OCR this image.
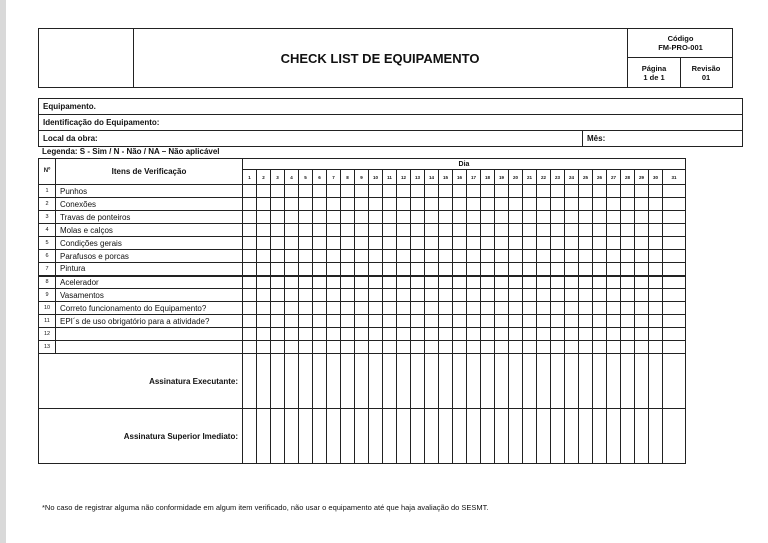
CHECK LIST DE EQUIPAMENTO
Código
FM-PRO-001
Página
1 de 1
Revisão
01
Equipamento.
Identificação do Equipamento:
Local da obra:	Mês:
Legenda: S - Sim / N - Não / NA – Não aplicável
Nº	Itens de Verificação	Dia																														
		1	2	3	4	5	6	7	8	9	10	11	12	13	14	15	16	17	18	19	20	21	22	23	24	25	26	27	28	29	30	31
1	Punhos																															
2	Conexões																															
3	Travas de ponteiros																															
4	Molas e calços																															
5	Condições gerais																															
6	Parafusos e porcas																															
7	Pintura																															
8	Acelerador																															
9	Vasamentos																															
10	Correto funcionamento do Equipamento?																															
11	EPI´s de uso obrigatório para a atividade?																															
12																																
13																																
Assinatura Executante:																																
Assinatura Superior Imediato:																																
*No caso de registrar alguma não conformidade em algum item verificado, não usar o equipamento até que haja avaliação do SESMT.
